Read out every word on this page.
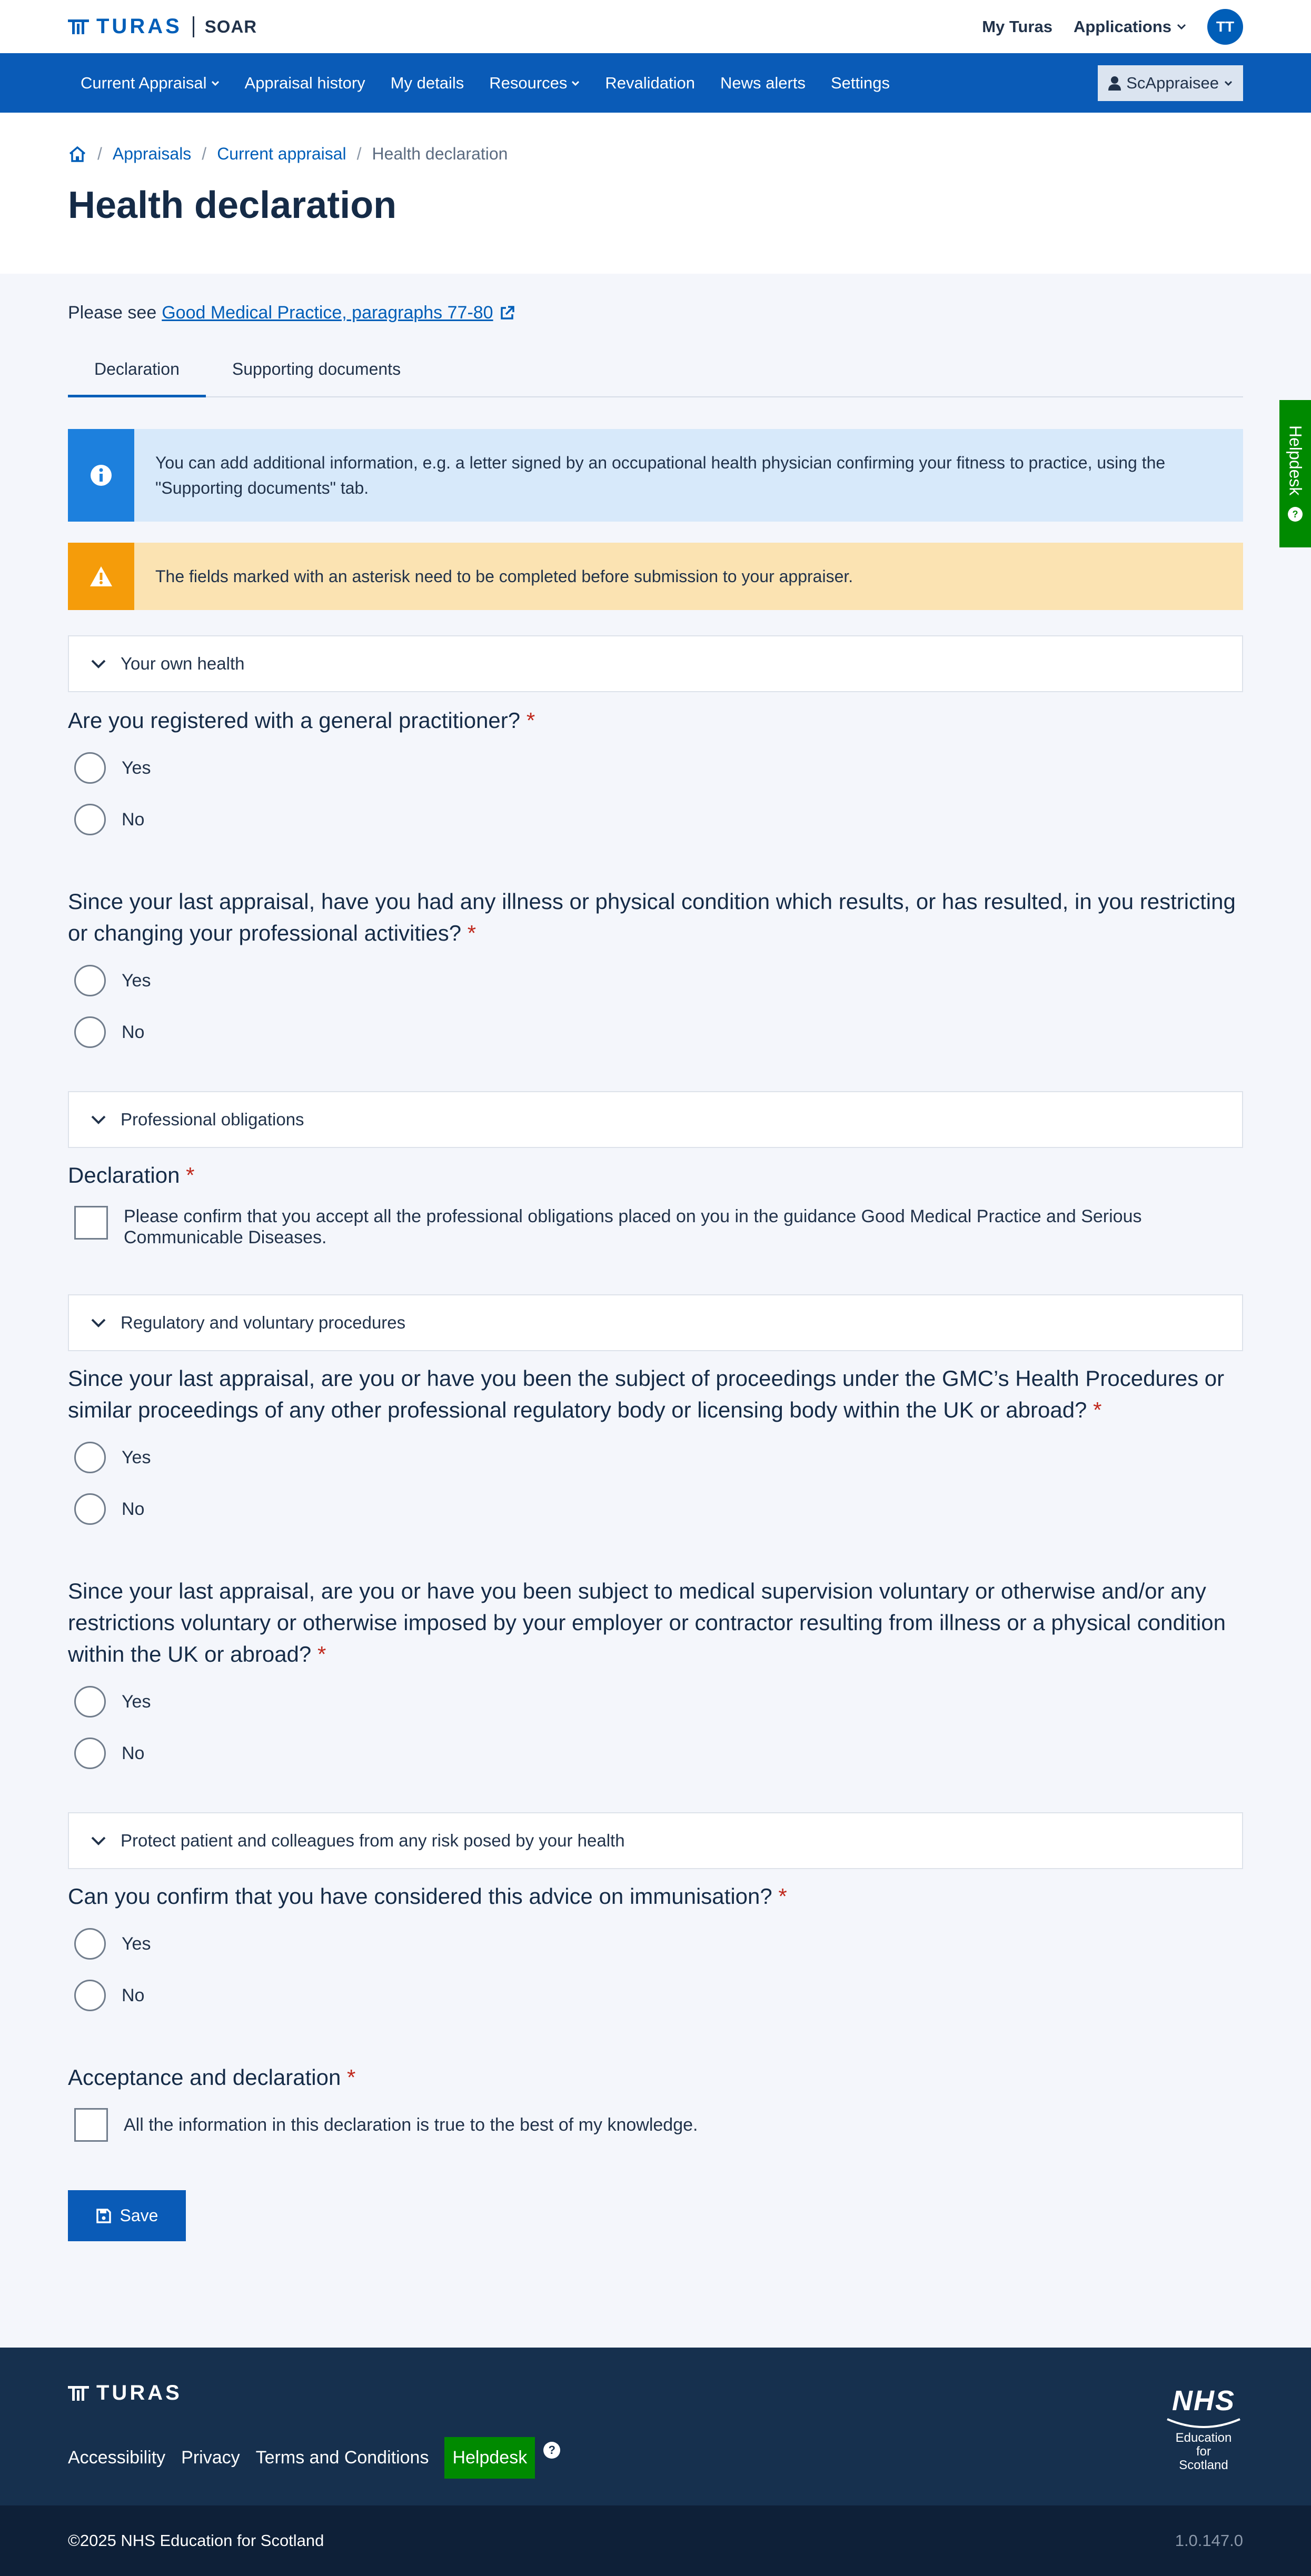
TURAS SOAR	My Turas Applications	TT
Current Appraisal Appraisal history My details Resources Revalidation News alerts Settings	ScAppraisee
/ Appraisals / Current appraisal / Health declaration
Health declaration
Please see Good Medical Practice, paragraphs 77-80
Declaration	Supporting documents
You can add additional information, e.g. a letter signed by an occupational health physician confirming your fitness to practice, using the "Supporting documents" tab.
The fields marked with an asterisk need to be completed before submission to your appraiser.
Your own health
Are you registered with a general practitioner? *
Yes
No
Since your last appraisal, have you had any illness or physical condition which results, or has resulted, in you restricting or changing your professional activities? *
Yes
No
Professional obligations
Declaration *
Please confirm that you accept all the professional obligations placed on you in the guidance Good Medical Practice and Serious Communicable Diseases.
Regulatory and voluntary procedures
Since your last appraisal, are you or have you been the subject of proceedings under the GMC’s Health Procedures or similar proceedings of any other professional regulatory body or licensing body within the UK or abroad? *
Yes
No
Since your last appraisal, are you or have you been subject to medical supervision voluntary or otherwise and/or any restrictions voluntary or otherwise imposed by your employer or contractor resulting from illness or a physical condition within the UK or abroad? *
Yes
No
Protect patient and colleagues from any risk posed by your health
Can you confirm that you have considered this advice on immunisation? *
Yes
No
Acceptance and declaration *
All the information in this declaration is true to the best of my knowledge.
Save
Helpdesk
?
TURAS
Accessibility Privacy Terms and Conditions	Helpdesk	?
NHS
Education
for
Scotland
©2025 NHS Education for Scotland	1.0.147.0
